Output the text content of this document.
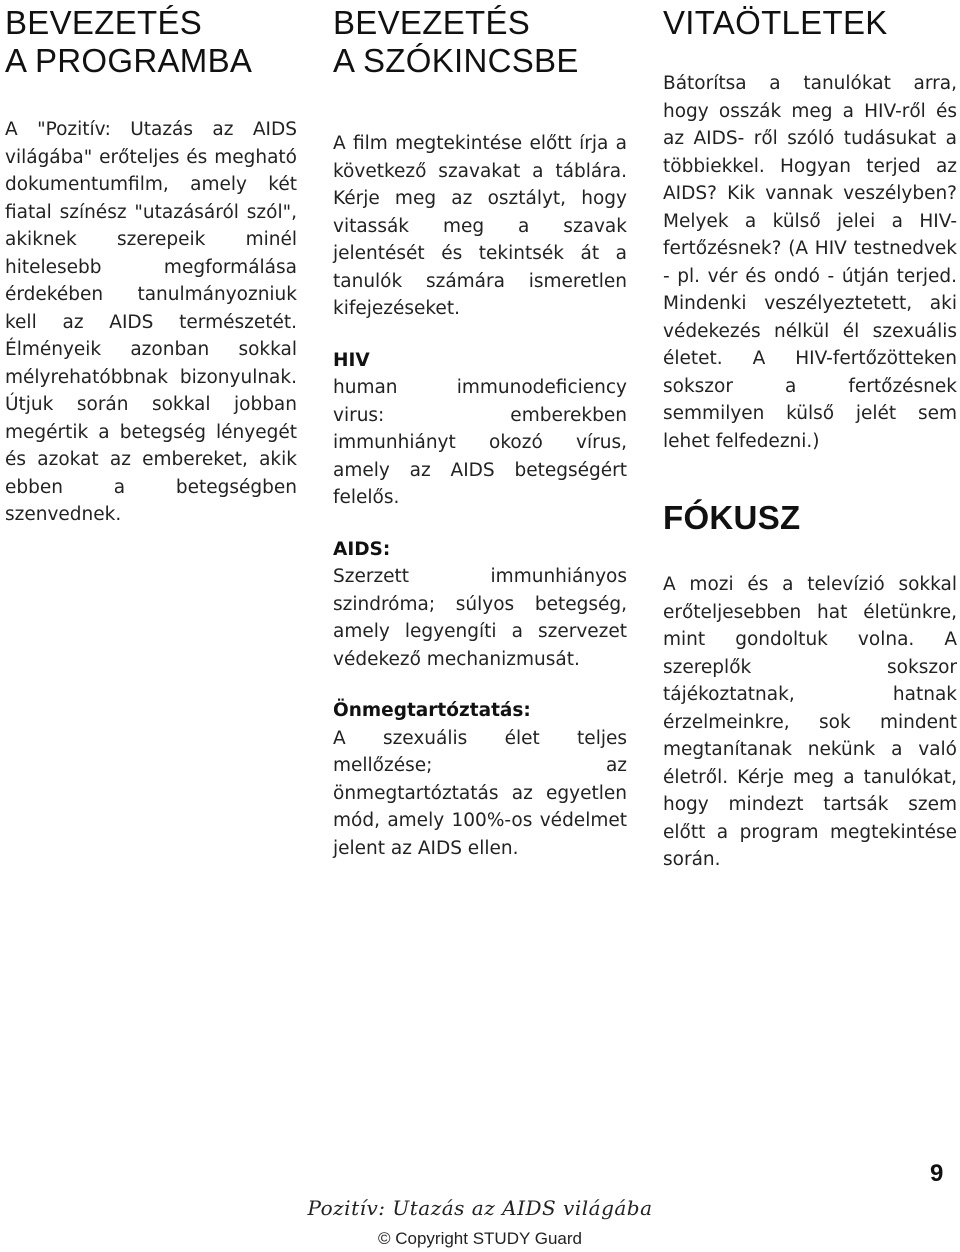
BEVEZETÉS
A PROGRAMBA

A "Pozitív: Utazás az AIDS világába" erőteljes és megható dokumentumfilm, amely két fiatal színész "utazásáról szól", akiknek szerepeik minél hitelesebb megformálása érdekében tanulmányozniuk kell az AIDS természetét. Élményeik azonban sokkal mélyrehatóbbnak bizonyulnak. Útjuk során sokkal jobban megértik a betegség lényegét és azokat az embereket, akik ebben a betegségben szenvednek.

BEVEZETÉS
A SZÓKINCSBE

A film megtekintése előtt írja a következő szavakat a táblára. Kérje meg az osztályt, hogy vitassák meg a szavak jelentését és tekintsék át a tanulók számára ismeretlen kifejezéseket.

HIV

human immunodeficiency virus: emberekben immunhiányt okozó vírus, amely az AIDS betegségért felelős.

AIDS:

Szerzett immunhiányos szindróma; súlyos betegség, amely legyengíti a szervezet védekező mechanizmusát.

Önmegtartóztatás:

A szexuális élet teljes mellőzése; az önmegtartóztatás az egyetlen mód, amely 100%-os védelmet jelent az AIDS ellen.

VITAÖTLETEK

Bátorítsa a tanulókat arra, hogy osszák meg a HIV-ről és az AIDS- ről szóló tudásukat a többiekkel. Hogyan terjed az AIDS? Kik vannak veszélyben? Melyek a külső jelei a HIV-fertőzésnek? (A HIV testnedvek - pl. vér és ondó - útján terjed. Mindenki veszélyeztetett, aki védekezés nélkül él szexuális életet. A HIV-fertőzötteken sokszor a fertőzésnek semmilyen külső jelét sem lehet felfedezni.)

FÓKUSZ

A mozi és a televízió sokkal erőteljesebben hat életünkre, mint gondoltuk volna. A szereplők sokszor tájékoztatnak, hatnak érzelmeinkre, sok mindent megtanítanak nekünk a való életről. Kérje meg a tanulókat, hogy mindezt tartsák szem előtt a program megtekintése során.

9
Pozitív: Utazás az AIDS világába
© Copyright STUDY Guard
